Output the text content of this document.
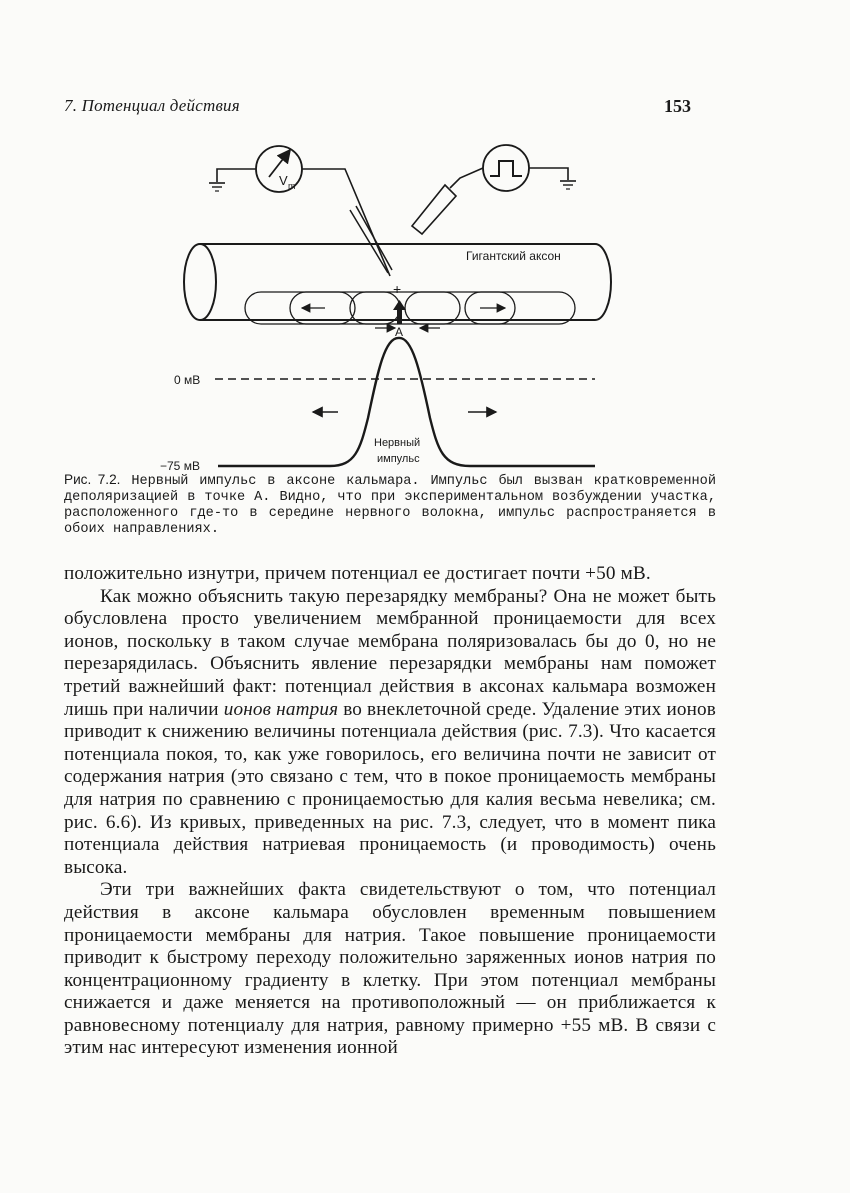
7. Потенциал действия	153
V m
Гигантский аксон
+
A
0 мВ
−75 мВ
Нервный
импульс
Рис. 7.2. Нервный импульс в аксоне кальмара. Импульс был вызван кратковременной деполяризацией в точке А. Видно, что при экспериментальном возбуждении участка, расположенного где-то в середине нервного волокна, импульс распространяется в обоих направлениях.

положительно изнутри, причем потенциал ее достигает почти +50 мВ.

Как можно объяснить такую перезарядку мембраны? Она не может быть обусловлена просто увеличением мембранной проницаемости для всех ионов, поскольку в таком случае мембрана поляризовалась бы до 0, но не перезарядилась. Объяснить явление перезарядки мембраны нам поможет третий важнейший факт: потенциал действия в аксонах кальмара возможен лишь при наличии ионов натрия во внеклеточной среде. Удаление этих ионов приводит к снижению величины потенциала действия (рис. 7.3). Что касается потенциала покоя, то, как уже говорилось, его величина почти не зависит от содержания натрия (это связано с тем, что в покое проницаемость мембраны для натрия по сравнению с проницаемостью для калия весьма невелика; см. рис. 6.6). Из кривых, приведенных на рис. 7.3, следует, что в момент пика потенциала действия натриевая проницаемость (и проводимость) очень высока.

Эти три важнейших факта свидетельствуют о том, что потенциал действия в аксоне кальмара обусловлен временным повышением проницаемости мембраны для натрия. Такое повышение проницаемости приводит к быстрому переходу положительно заряженных ионов натрия по концентрационному градиенту в клетку. При этом потенциал мембраны снижается и даже меняется на противоположный — он приближается к равновесному потенциалу для натрия, равному примерно +55 мВ. В связи с этим нас интересуют изменения ионной
